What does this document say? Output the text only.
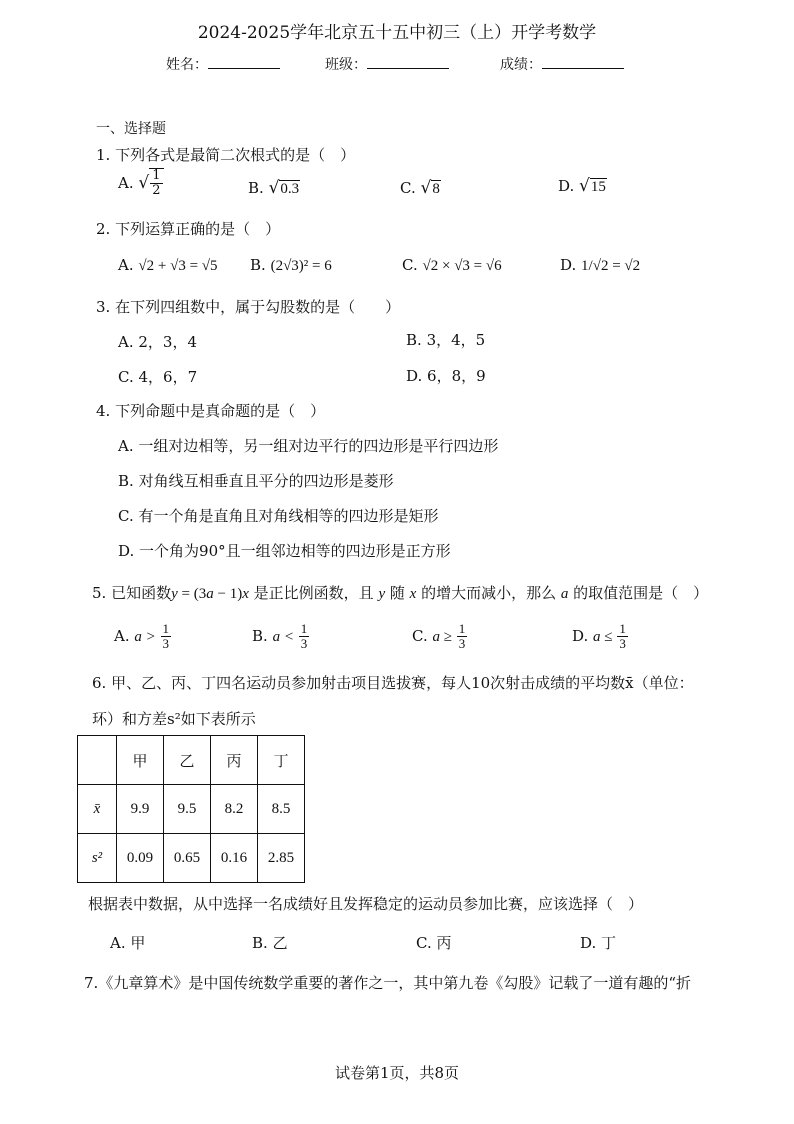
2024-2025学年北京五十五中初三（上）开学考数学
姓名：	班级：	成绩：
一、选择题
1. 下列各式是最简二次根式的是（　）
A. √ $\frac{1}{2}$	B. √0.3	C. √8	D. √15
2. 下列运算正确的是（　）
A. √2 + √3 = √5 B. (2√3)² = 6	C. √2 × √3 = √6	D. 1/√2 = √2
3. 在下列四组数中，属于勾股数的是（　　）
A. 2，3，4	B. 3，4，5
C. 4，6，7	D. 6，8，9
4. 下列命题中是真命题的是（　）
A. 一组对边相等，另一组对边平行的四边形是平行四边形
B. 对角线互相垂直且平分的四边形是菱形
C. 有一个角是直角且对角线相等的四边形是矩形
D. 一个角为90°且一组邻边相等的四边形是正方形
5. 已知函数y = (3a − 1)x 是正比例函数，且 y 随 x 的增大而减小，那么 a 的取值范围是（　）
A. $a > \frac{1}{3}$	B. $a < \frac{1}{3}$	C. $a \ge \frac{1}{3}$	D. $a \le \frac{1}{3}$
6. 甲、乙、丙、丁四名运动员参加射击项目选拔赛，每人10次射击成绩的平均数x̄（单位：
环）和方差s²如下表所示
	甲	乙	丙	丁
x̄	9.9	9.5	8.2	8.5
s²	0.09	0.65	0.16	2.85
根据表中数据，从中选择一名成绩好且发挥稳定的运动员参加比赛，应该选择（　）
A. 甲	B. 乙	C. 丙	D. 丁
7.《九章算术》是中国传统数学重要的著作之一，其中第九卷《勾股》记载了一道有趣的“折
试卷第1页，共8页
